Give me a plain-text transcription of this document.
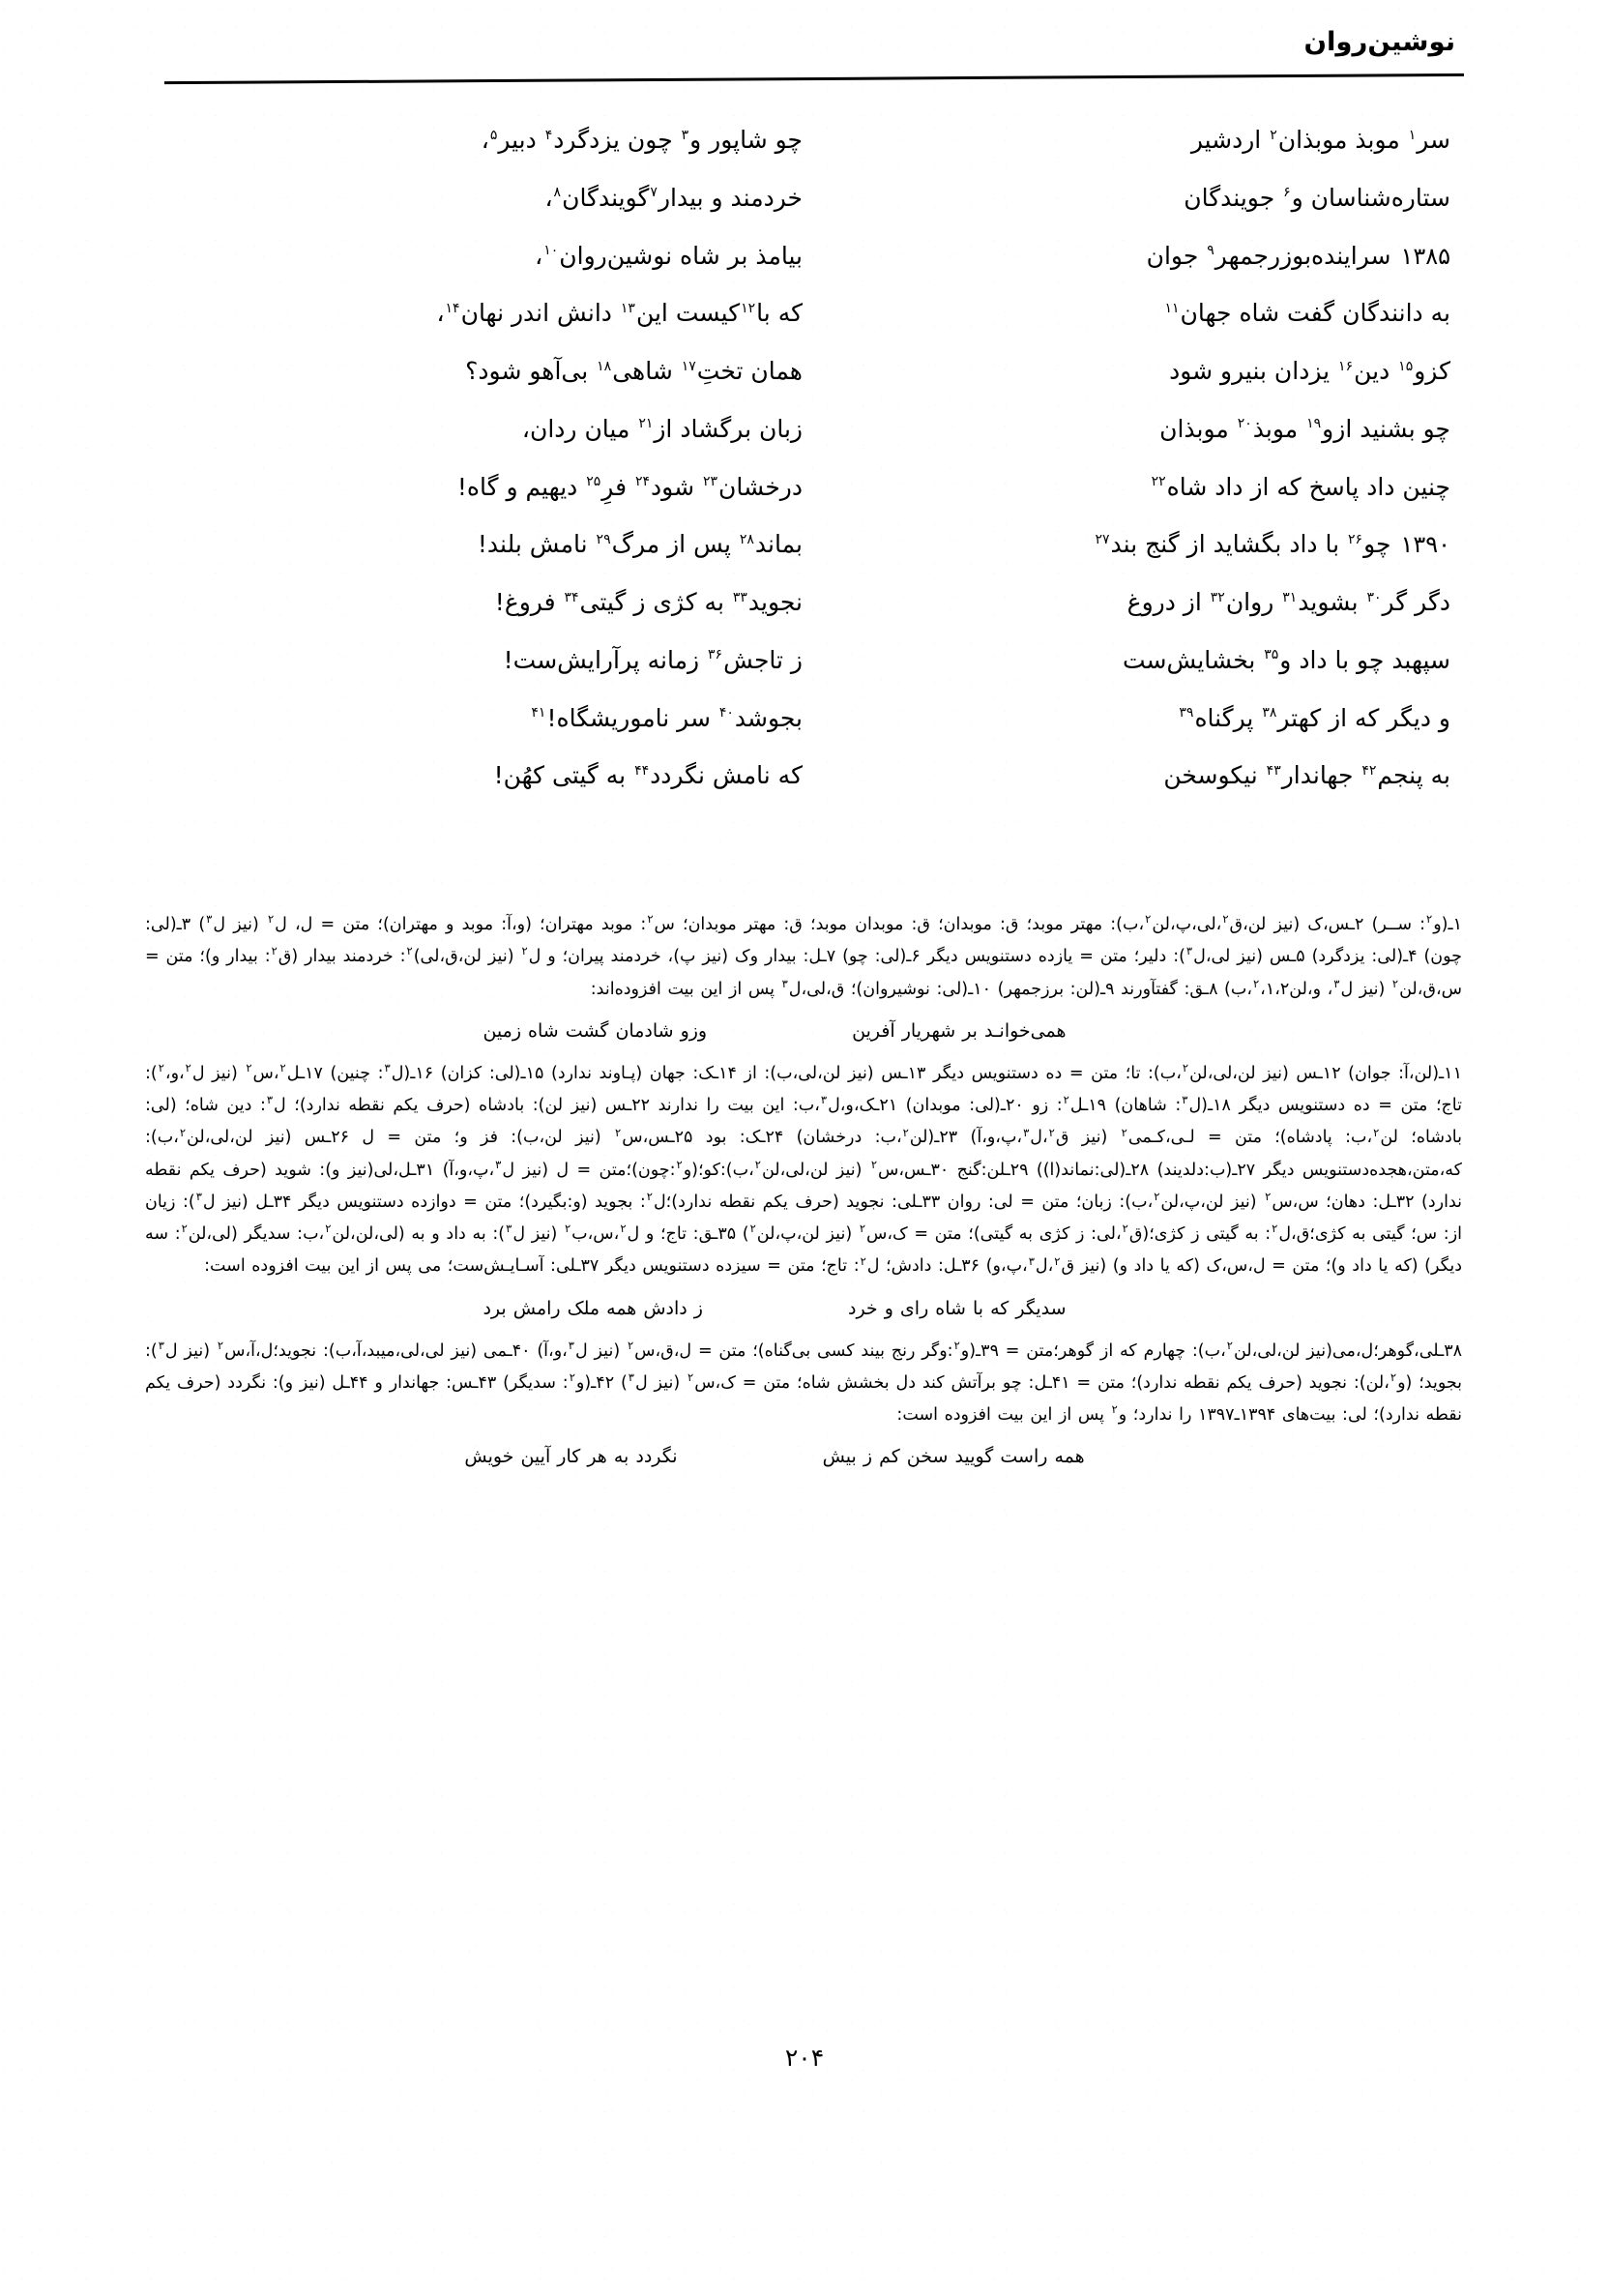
نوشین‌روان
سر$^۱$ موبذ موبذان$^۲$ اردشیر
چو شاپور و$^۳$ چون یزدگرد$^۴$ دبیر$^۵$،
ستاره‌شناسان و$^۶$ جویندگان
خردمند و بیدار$^۷$گویندگان$^۸$،
۱۳۸۵سراینده‌بوزرجمهر$^۹$ جوان
بیامذ بر شاه نوشین‌روان$^{۱۰}$،
به دانندگان گفت شاه جهان$^{۱۱}$
که با$^{۱۲}$کیست این$^{۱۳}$ دانش اندر نهان$^{۱۴}$،
کزو$^{۱۵}$ دین$^{۱۶}$ یزدان بنیرو شود
همان تختِ$^{۱۷}$ شاهی$^{۱۸}$ بی‌آهو شود؟
چو بشنید ازو$^{۱۹}$ موبذ$^{۲۰}$ موبذان
زبان برگشاد از$^{۲۱}$ میان ردان،
چنین داد پاسخ که از داد شاه$^{۲۲}$
درخشان$^{۲۳}$ شود$^{۲۴}$ فرِ$^{۲۵}$ دیهیم و گاه!
۱۳۹۰چو$^{۲۶}$ با داد بگشاید از گنج بند$^{۲۷}$
بماند$^{۲۸}$ پس از مرگ$^{۲۹}$ نامش بلند!
دگر گر$^{۳۰}$ بشوید$^{۳۱}$ روان$^{۳۲}$ از دروغ
نجوید$^{۳۳}$ به کژی ز گیتی$^{۳۴}$ فروغ!
سپهبد چو با داد و$^{۳۵}$ بخشایش‌ست
ز تاجش$^{۳۶}$ زمانه پرآرایش‌ست!
و دیگر که از کهتر$^{۳۸}$ پرگناه$^{۳۹}$
بجوشد$^{۴۰}$ سر ناموریشگاه!$^{۴۱}$
به پنجم$^{۴۲}$ جهاندار$^{۴۳}$ نیکوسخن
که نامش نگردد$^{۴۴}$ به گیتی کهُن!
۱ـ(و$^۲$: ســر) ۲ـس،ک (نیز لن،ق$^۲$،لی،پ،لن$^۲$،ب): مهتر موبد؛ ق: موبدان؛ ق: موبدان موبد؛ ق: مهتر موبدان؛ س$^۲$: موبد مهتران؛ (و،آ: موبد و مهتران)؛ متن = ل، ل$^۲$ (نیز ل$^۳$) ۳ـ(لی: چون) ۴ـ(لی: یزدگرد) ۵ـس (نیز لی،ل$^۳$): دلیر؛ متن = یازده دستنویس دیگر ۶ـ(لی: چو) ۷ـل: بیدار وک (نیز پ)، خردمند پیران؛ و ل$^۲$ (نیز لن،ق،لی)$^۲$: خردمند بیدار (ق$^۲$: بیدار و)؛ متن = س،ق،لن$^۲$ (نیز ل$^۳$، و،لن$^۲$،۱،۲،ب) ۸ـق: گفتآورند ۹ـ(لن: برزجمهر) ۱۰ـ(لی: نوشیروان)؛ ق،لی،ل$^۳$ پس از این بیت افزوده‌اند:
همی‌خوانـد بر شهریار آفرین
وزو شادمان گشت شاه زمین
۱۱ـ(لن،آ: جوان) ۱۲ـس (نیز لن،لی،لن$^۲$،ب): تا؛ متن = ده دستنویس دیگر ۱۳ـس (نیز لن،لی،ب): از ۱۴ـک: جهان (پـاوند ندارد) ۱۵ـ(لی: کزان) ۱۶ـ(ل$^۳$: چنین) ۱۷ـل$^۲$،س$^۲$ (نیز ل$^۲$،و،$^۲$): تاج؛ متن = ده دستنویس دیگر ۱۸ـ(ل$^۳$: شاهان) ۱۹ـل$^۲$: زو ۲۰ـ(لی: موبدان) ۲۱ـک،و،ل$^۳$،ب: این بیت را ندارند ۲۲ـس (نیز لن): بادشاه (حرف یکم نقطه ندارد)؛ ل$^۳$: دین شاه؛ (لی: بادشاه؛ لن$^۲$،ب: پادشاه)؛ متن = لـی،کـمی$^۲$ (نیز ق$^۲$،ل$^۳$،پ،و،آ) ۲۳ـ(لن$^۲$،ب: درخشان) ۲۴ـک: بود ۲۵ـس،س$^۲$ (نیز لن،ب): فز و؛ متن = ل ۲۶ـس (نیز لن،لی،لن$^۲$،ب): که،متن،هجده‌دستنویس دیگر ۲۷ـ(ب:دلدیند) ۲۸ـ(لی:نماند(ا)) ۲۹ـلن:گنج ۳۰ـس،س$^۲$ (نیز لن،لی،لن$^۲$،ب):کو؛(و$^۲$:چون)؛متن = ل (نیز ل$^۳$،پ،و،آ) ۳۱ـل،لی(نیز و): شوید (حرف یکم نقطه ندارد) ۳۲ـل: دهان؛ س،س$^۲$ (نیز لن،پ،لن$^۲$،ب): زبان؛ متن = لی: روان ۳۳ـلی: نجوید (حرف یکم نقطه ندارد)؛ل$^۲$: بجوید (و:بگیرد)؛ متن = دوازده دستنویس دیگر ۳۴ـل (نیز ل$^۳$): زیان از: س؛ گیتی به کژی؛ق،ل$^۲$: به گیتی ز کژی؛(ق$^۲$،لی: ز کژی به گیتی)؛ متن = ک،س$^۲$ (نیز لن،پ،لن$^۲$) ۳۵ـق: تاج؛ و ل$^۲$،س،ب$^۲$ (نیز ل$^۳$): به داد و به (لی،لن،لن$^۲$،ب: سدیگر (لی،لن$^۲$: سه دیگر) (که یا داد و)؛ متن = ل،س،ک (که یا داد و) (نیز ق$^۲$،ل$^۳$،پ،و) ۳۶ـل: دادش؛ ل$^۲$: تاج؛ متن = سیزده دستنویس دیگر ۳۷ـلی: آسـایـش‌ست؛ می پس از این بیت افزوده است:
سدیگر که با شاه رای و خرد
ز دادش همه ملک رامش برد
۳۸ـلی،گوهر؛ل،می(نیز لن،لی،لن$^۲$،ب): چهارم که از گوهر؛متن = ۳۹ـ(و$^۲$:وگر رنج بیند کسی بی‌گناه)؛ متن = ل،ق،س$^۲$ (نیز ل$^۳$،و،آ) ۴۰ـمی (نیز لی،لی،میبد،آ،ب): نجوید؛ل،آ،س$^۲$ (نیز ل$^۳$): بجوید؛ (و$^۲$،لن): نجوید (حرف یکم نقطه ندارد)؛ متن = ۴۱ـل: چو برآتش کند دل بخشش شاه؛ متن = ک،س$^۲$ (نیز ل$^۳$) ۴۲ـ(و$^۲$: سدیگر) ۴۳ـس: جهاندار و ۴۴ـل (نیز و): نگردد (حرف یکم نقطه ندارد)؛ لی: بیت‌های ۱۳۹۴ـ۱۳۹۷ را ندارد؛ و$^۲$ پس از این بیت افزوده است:
همه راست گویید سخن کم ز بیش
نگردد به هر کار آیین خویش
۲۰۴
